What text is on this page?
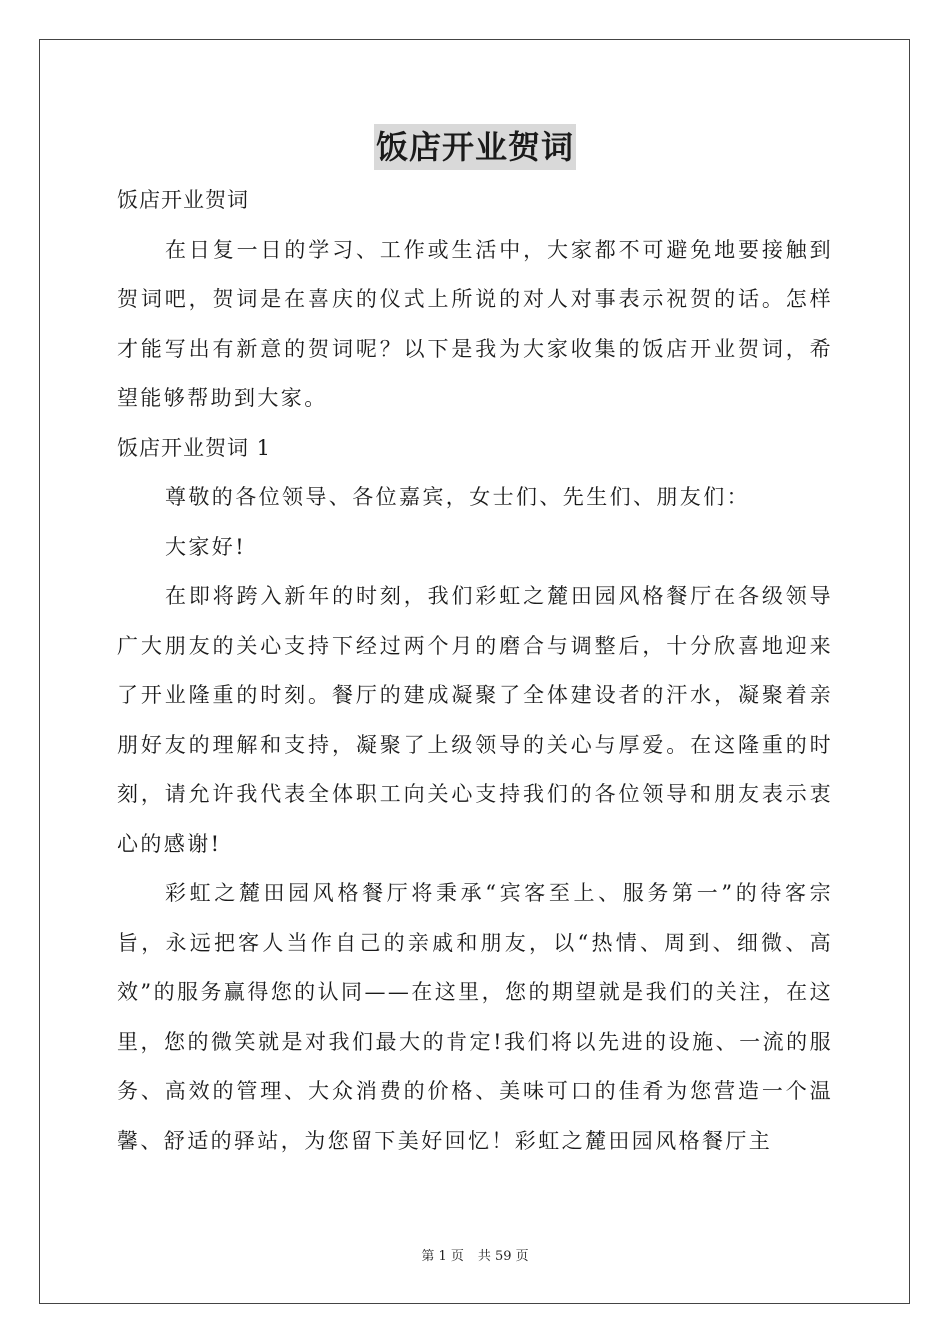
饭店开业贺词

饭店开业贺词

在日复一日的学习、工作或生活中，大家都不可避免地要接触到贺词吧，贺词是在喜庆的仪式上所说的对人对事表示祝贺的话。怎样才能写出有新意的贺词呢？以下是我为大家收集的饭店开业贺词，希望能够帮助到大家。

饭店开业贺词 1

尊敬的各位领导、各位嘉宾，女士们、先生们、朋友们：

大家好!

在即将跨入新年的时刻，我们彩虹之麓田园风格餐厅在各级领导广大朋友的关心支持下经过两个月的磨合与调整后，十分欣喜地迎来了开业隆重的时刻。餐厅的建成凝聚了全体建设者的汗水，凝聚着亲朋好友的理解和支持，凝聚了上级领导的关心与厚爱。在这隆重的时刻，请允许我代表全体职工向关心支持我们的各位领导和朋友表示衷心的感谢!

彩虹之麓田园风格餐厅将秉承“宾客至上、服务第一”的待客宗旨，永远把客人当作自己的亲戚和朋友，以“热情、周到、细微、高效”的服务赢得您的认同——在这里，您的期望就是我们的关注，在这里，您的微笑就是对我们最大的肯定!我们将以先进的设施、一流的服务、高效的管理、大众消费的价格、美味可口的佳肴为您营造一个温馨、舒适的驿站，为您留下美好回忆！彩虹之麓田园风格餐厅主

第 1 页 共 59 页
